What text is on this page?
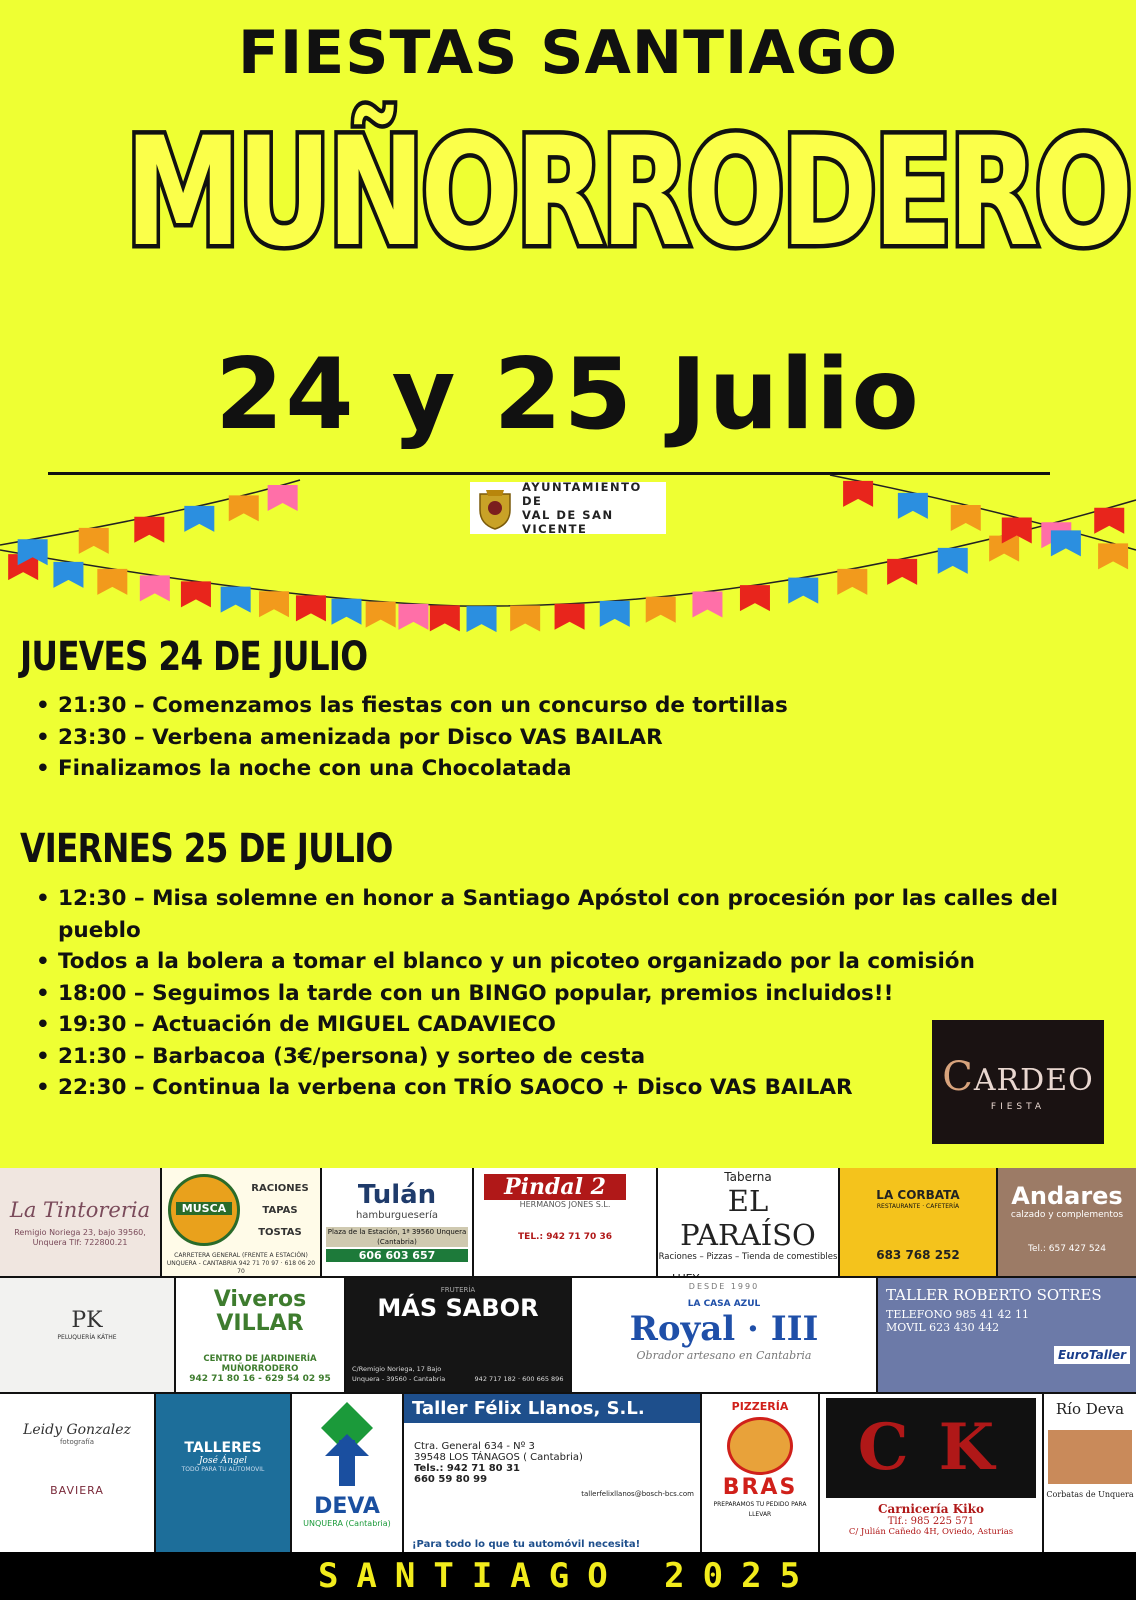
FIESTAS SANTIAGO
MUÑORRODERO
24 y 25 Julio
AYUNTAMIENTO DE
VAL DE SAN VICENTE
JUEVES 24 DE JULIO
• 21:30 – Comenzamos las fiestas con un concurso de tortillas
• 23:30 – Verbena amenizada por Disco VAS BAILAR
• Finalizamos la noche con una Chocolatada
VIERNES 25 DE JULIO
• 12:30 – Misa solemne en honor a Santiago Apóstol con procesión por las calles del pueblo
• Todos a la bolera a tomar el blanco y un picoteo organizado por la comisión
• 18:00 – Seguimos la tarde con un BINGO popular, premios incluidos!!
• 19:30 – Actuación de MIGUEL CADAVIECO
• 21:30 – Barbacoa (3€/persona) y sorteo de cesta
• 22:30 – Continua la verbena con TRÍO SAOCO + Disco VAS BAILAR	CARDEO
FIESTA
La Tintoreria
Remigio Noriega 23, bajo 39560, Unquera Tlf: 722800.21
MUSCA
RACIONES TAPAS TOSTAS
CARRETERA GENERAL (FRENTE A ESTACIÓN) UNQUERA - CANTABRIA 942 71 70 97 · 618 06 20 70
Tulán
hamburguesería
Plaza de la Estación, 1ª 39560 Unquera (Cantabria)
606 603 657
Pindal 2
HERMANOS JONES S.L.
TEL.: 942 71 70 36
Taberna
EL PARAÍSO
Raciones – Pizzas – Tienda de comestibles
LA CORBATA
RESTAURANTE · CAFETERÍA
683 768 252
Andares
calzado y complementos
Tel.: 657 427 524
PK
PELUQUERÍA KÁTHE
Viveros VILLAR
CENTRO DE JARDINERÍA MUÑORRODERO
942 71 80 16 - 629 54 02 95
FRUTERÍA
MÁS SABOR
C/Remigio Noriega, 17 Bajo Unquera - 39560 - Cantabria	942 717 182 · 600 665 896
DESDE 1990
LA CASA AZUL
Royal · III
Obrador artesano en Cantabria
TALLER ROBERTO SOTRES
TELEFONO 985 41 42 11
MOVIL 623 430 442
EuroTaller
Leidy Gonzalez
fotografía
BAVIERA
TALLERES
José Ángel
TODO PARA TU AUTOMOVIL
DEVA
UNQUERA (Cantabria)
Taller Félix Llanos, S.L.
Ctra. General 634 - Nº 3
39548 LOS TÁNAGOS ( Cantabria)
Tels.: 942 71 80 31
660 59 80 99
tallerfelixllanos@bosch-bcs.com
¡Para todo lo que tu automóvil necesita!
PIZZERÍA
BRAS
PREPARAMOS TU PEDIDO PARA LLEVAR
CK
Carnicería Kiko
Tlf.: 985 225 571
C/ Julián Cañedo 4H, Oviedo, Asturias
Río Deva
Corbatas de Unquera
SANTIAGO 2025
